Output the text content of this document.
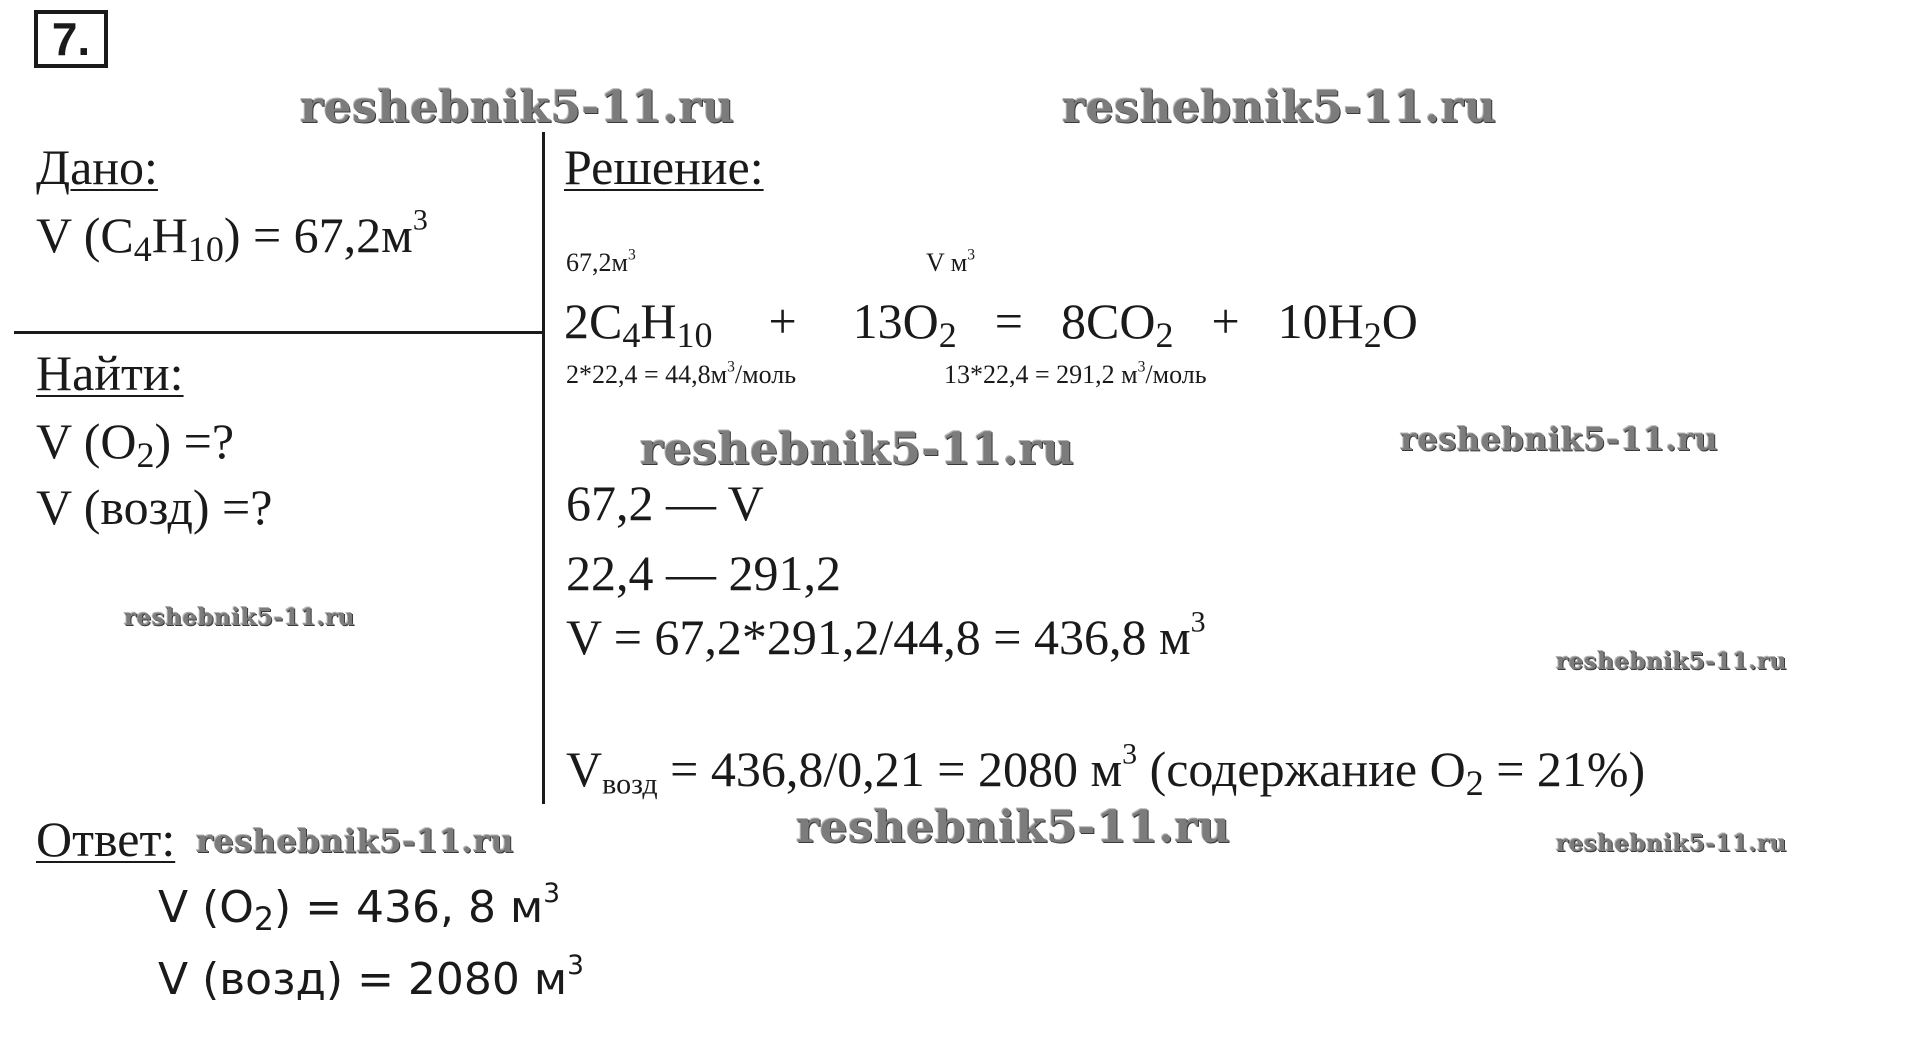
7.
reshebnik5-11.ru	reshebnik5-11.ru
reshebnik5-11.ru	reshebnik5-11.ru
reshebnik5-11.ru
reshebnik5-11.ru
reshebnik5-11.ru
reshebnik5-11.ru	reshebnik5-11.ru
Дано:
V $(C_4H_{10}) = 67,2м^3$
Найти:
V $(O_2)$ =?
V (возд) =?
Решение:
$67,2м^3$	V $м^3$
$2C_4H_{10} + 13O_2 = 8CO_2 + 10H_2O$
$2*22,4 = 44,8м^3$/моль	13*22,4 = 291,2 $м^3$/моль
67,2 — V
22,4 — 291,2
V = 67,2*291,2/44,8 = 436,8 $м^3$
$V_{возд} = 436,8/0,21 = 2080$ $м^3$ (содержание $O_2 = 21\%$)
Ответ:
V $(O_2) = 436$, 8 $м^3$
V (возд) = 2080 $м^3$
